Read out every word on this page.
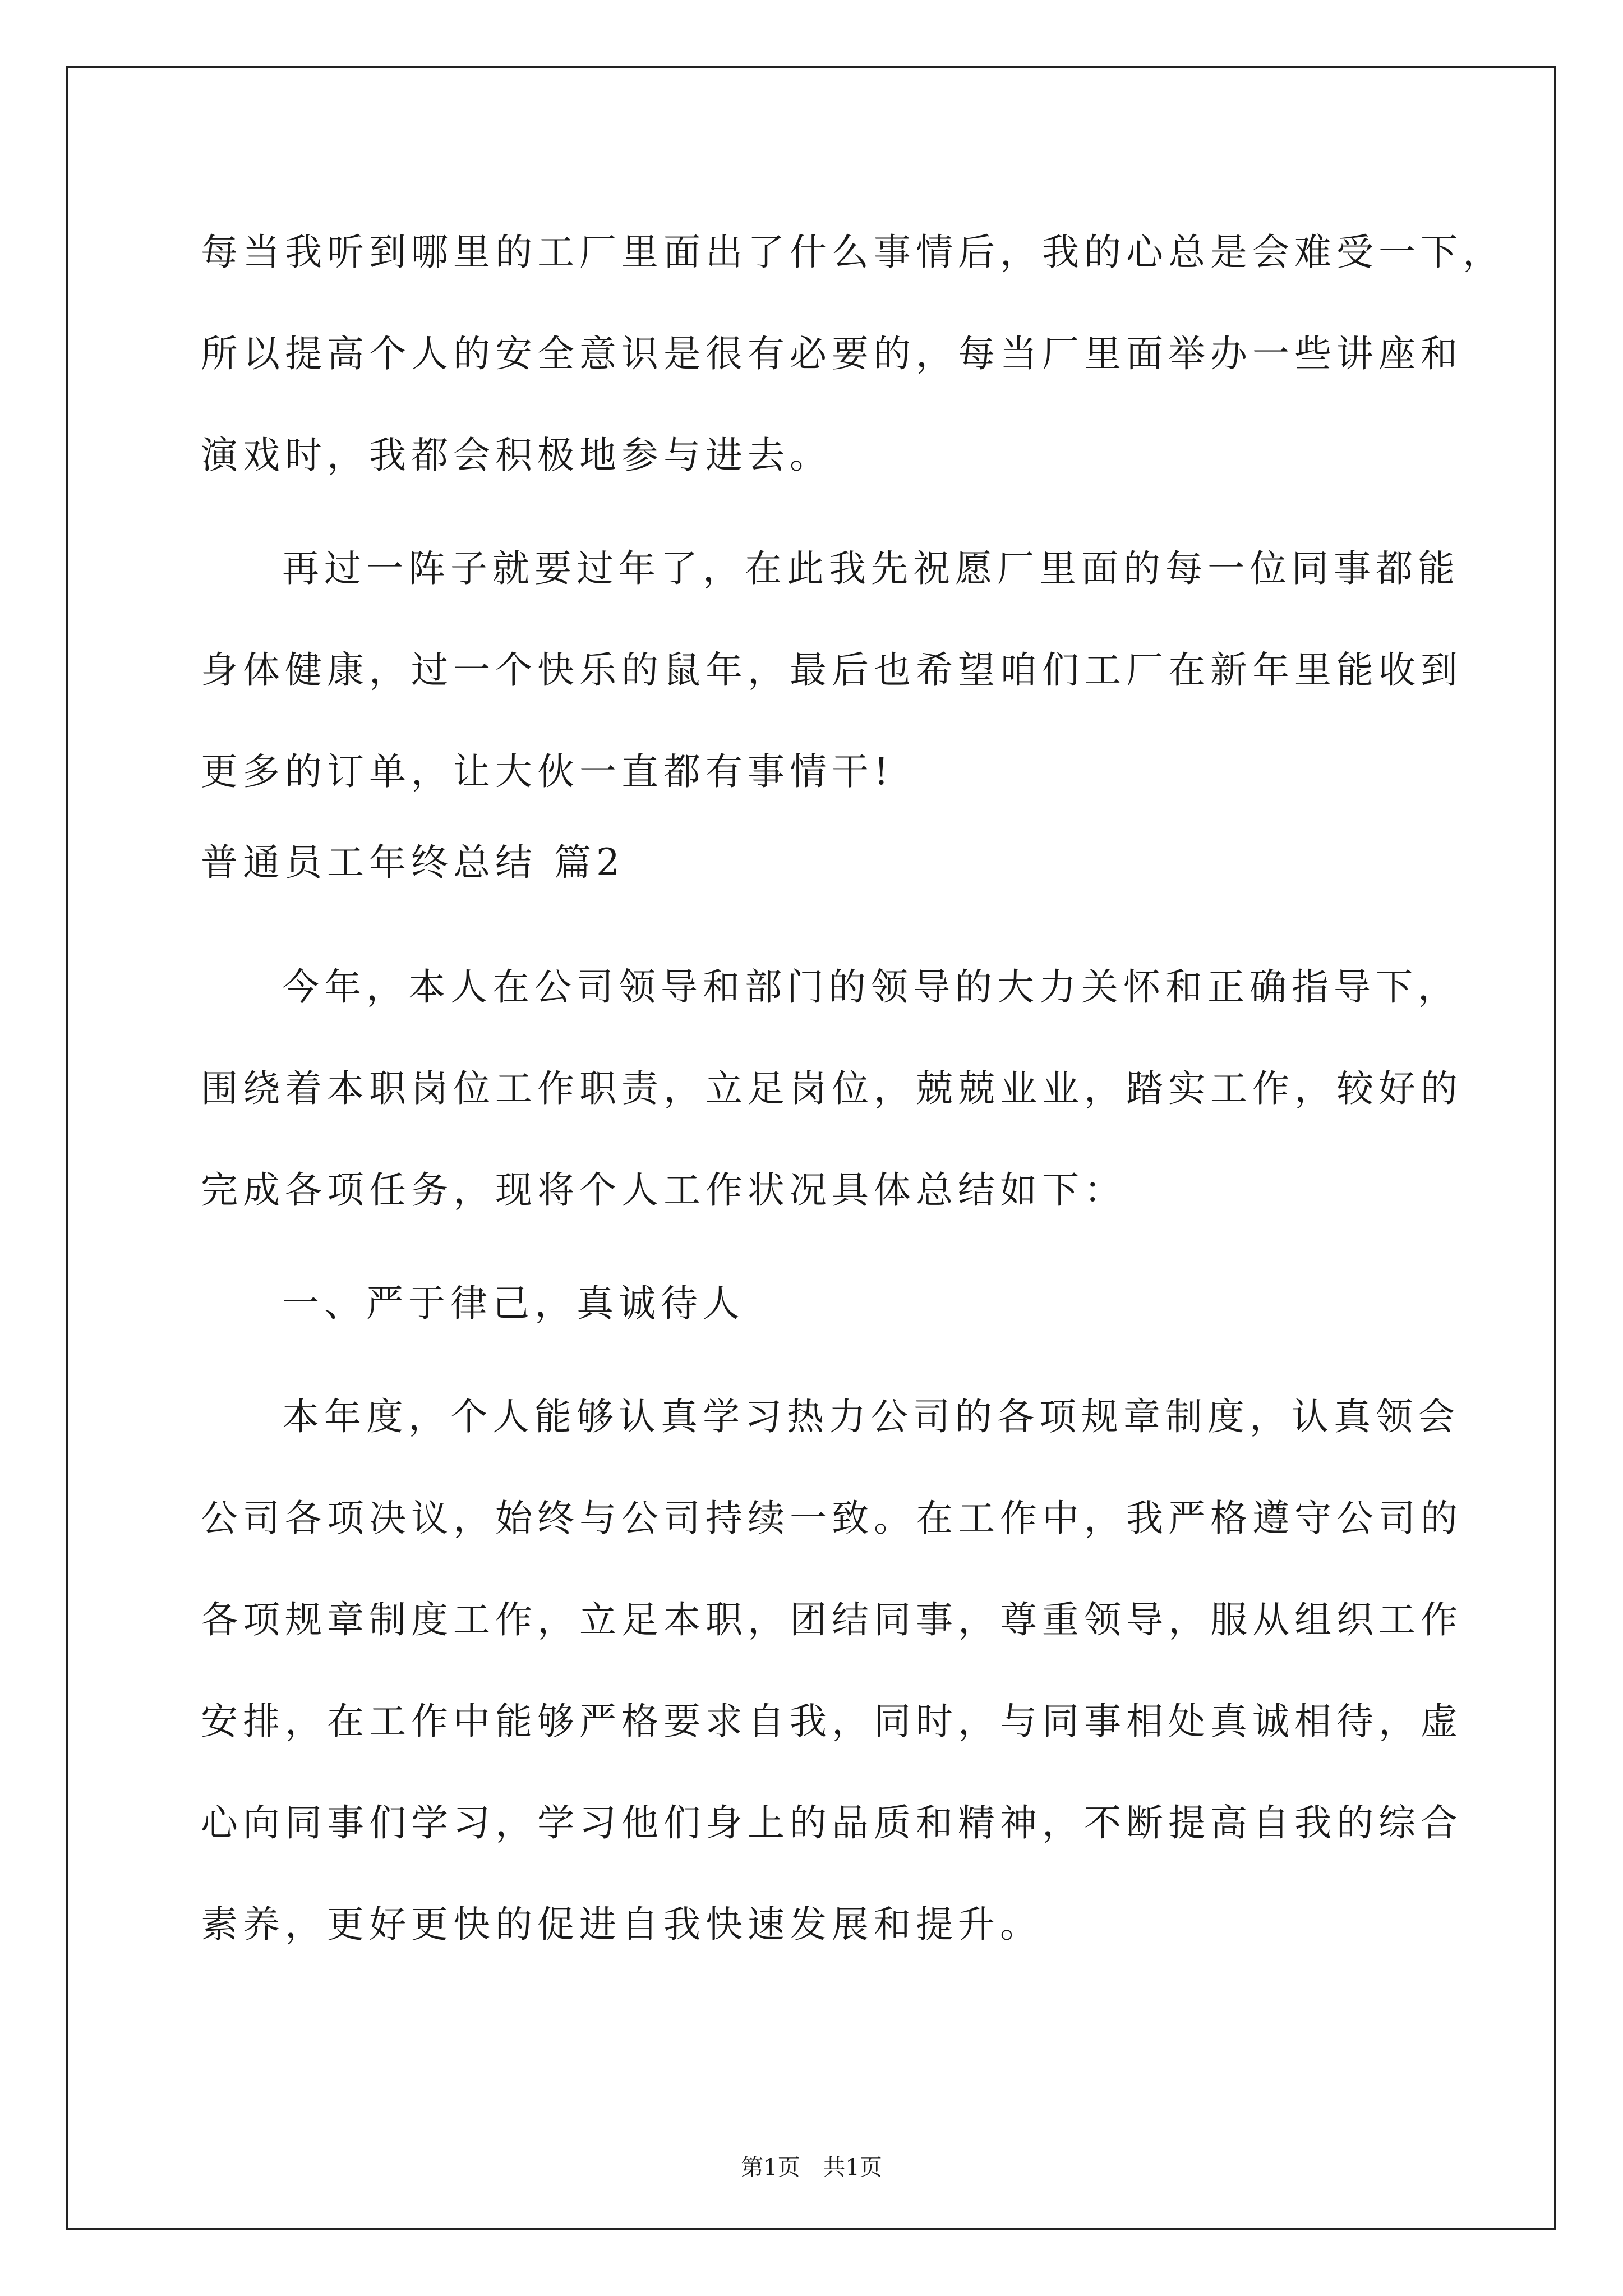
每当我听到哪里的工厂里面出了什么事情后，我的心总是会难受一下，
所以提高个人的安全意识是很有必要的，每当厂里面举办一些讲座和
演戏时，我都会积极地参与进去。
再过一阵子就要过年了，在此我先祝愿厂里面的每一位同事都能
身体健康，过一个快乐的鼠年，最后也希望咱们工厂在新年里能收到
更多的订单，让大伙一直都有事情干!
普通员工年终总结 篇2
今年，本人在公司领导和部门的领导的大力关怀和正确指导下，
围绕着本职岗位工作职责，立足岗位，兢兢业业，踏实工作，较好的
完成各项任务，现将个人工作状况具体总结如下：
一、严于律己，真诚待人
本年度，个人能够认真学习热力公司的各项规章制度，认真领会
公司各项决议，始终与公司持续一致。在工作中，我严格遵守公司的
各项规章制度工作，立足本职，团结同事，尊重领导，服从组织工作
安排，在工作中能够严格要求自我，同时，与同事相处真诚相待，虚
心向同事们学习，学习他们身上的品质和精神，不断提高自我的综合
素养，更好更快的促进自我快速发展和提升。
第1页 共1页
